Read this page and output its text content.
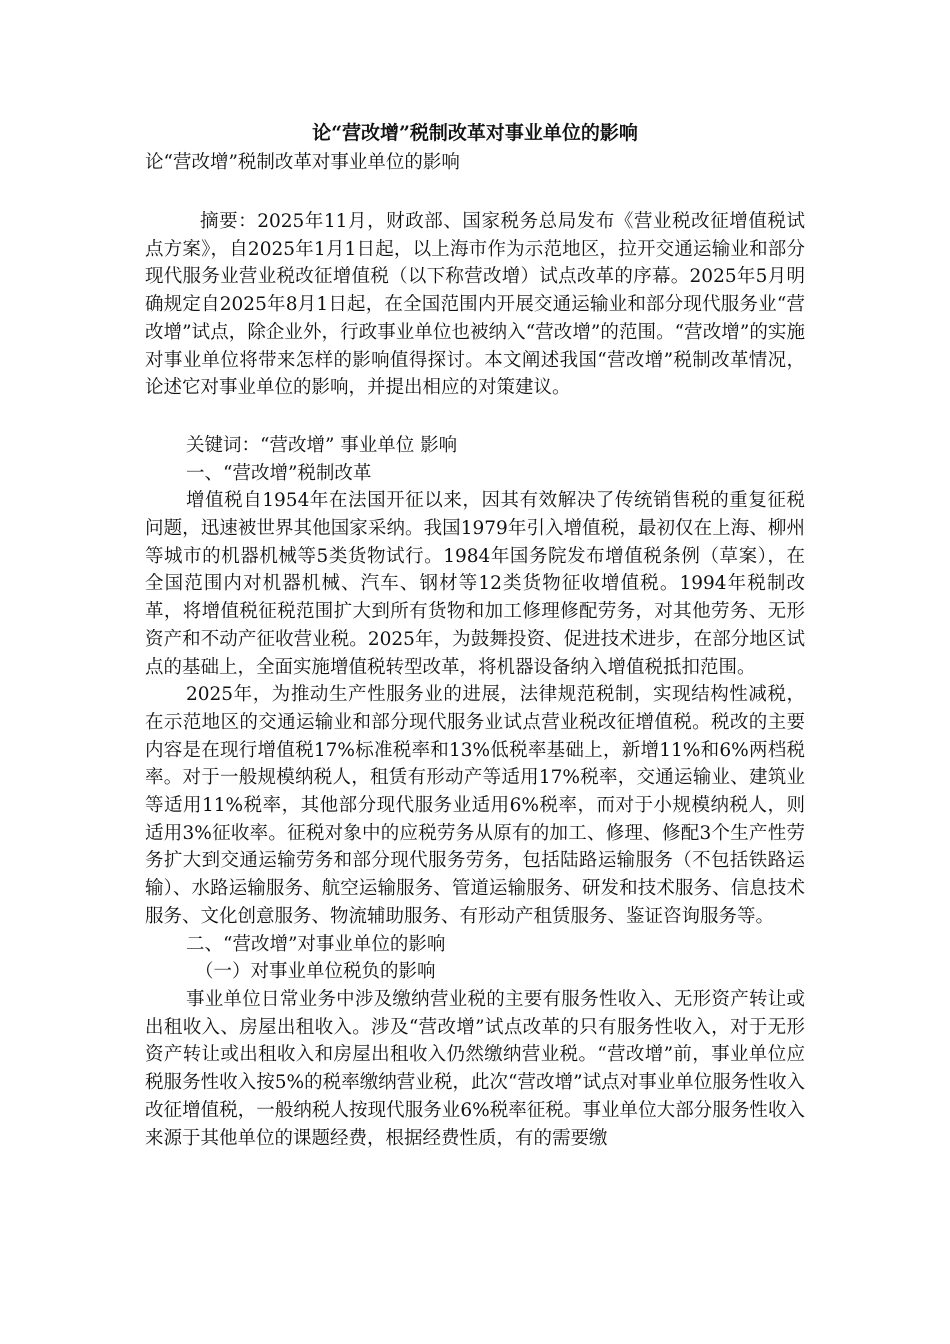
论“营改增”税制改革对事业单位的影响

论“营改增”税制改革对事业单位的影响

摘要：2025年11月，财政部、国家税务总局发布《营业税改征增值税试点方案》，自2025年1月1日起，以上海市作为示范地区，拉开交通运输业和部分现代服务业营业税改征增值税（以下称营改增）试点改革的序幕。2025年5月明确规定自2025年8月1日起，在全国范围内开展交通运输业和部分现代服务业“营改增”试点，除企业外，行政事业单位也被纳入“营改增”的范围。“营改增”的实施对事业单位将带来怎样的影响值得探讨。本文阐述我国“营改增”税制改革情况，论述它对事业单位的影响，并提出相应的对策建议。

关键词：“营改增” 事业单位 影响

一、“营改增”税制改革

增值税自1954年在法国开征以来，因其有效解决了传统销售税的重复征税问题，迅速被世界其他国家采纳。我国1979年引入增值税，最初仅在上海、柳州等城市的机器机械等5类货物试行。1984年国务院发布增值税条例（草案），在全国范围内对机器机械、汽车、钢材等12类货物征收增值税。1994年税制改革，将增值税征税范围扩大到所有货物和加工修理修配劳务，对其他劳务、无形资产和不动产征收营业税。2025年，为鼓舞投资、促进技术进步，在部分地区试点的基础上，全面实施增值税转型改革，将机器设备纳入增值税抵扣范围。

2025年，为推动生产性服务业的进展，法律规范税制，实现结构性减税，在示范地区的交通运输业和部分现代服务业试点营业税改征增值税。税改的主要内容是在现行增值税17%标准税率和13%低税率基础上，新增11%和6%两档税率。对于一般规模纳税人，租赁有形动产等适用17%税率，交通运输业、建筑业等适用11%税率，其他部分现代服务业适用6%税率，而对于小规模纳税人，则适用3%征收率。征税对象中的应税劳务从原有的加工、修理、修配3个生产性劳务扩大到交通运输劳务和部分现代服务劳务，包括陆路运输服务（不包括铁路运输）、水路运输服务、航空运输服务、管道运输服务、研发和技术服务、信息技术服务、文化创意服务、物流辅助服务、有形动产租赁服务、鉴证咨询服务等。

二、“营改增”对事业单位的影响

（一）对事业单位税负的影响

事业单位日常业务中涉及缴纳营业税的主要有服务性收入、无形资产转让或出租收入、房屋出租收入。涉及“营改增”试点改革的只有服务性收入，对于无形资产转让或出租收入和房屋出租收入仍然缴纳营业税。“营改增”前，事业单位应税服务性收入按5%的税率缴纳营业税，此次“营改增”试点对事业单位服务性收入改征增值税，一般纳税人按现代服务业6%税率征税。事业单位大部分服务性收入来源于其他单位的课题经费，根据经费性质，有的需要缴
